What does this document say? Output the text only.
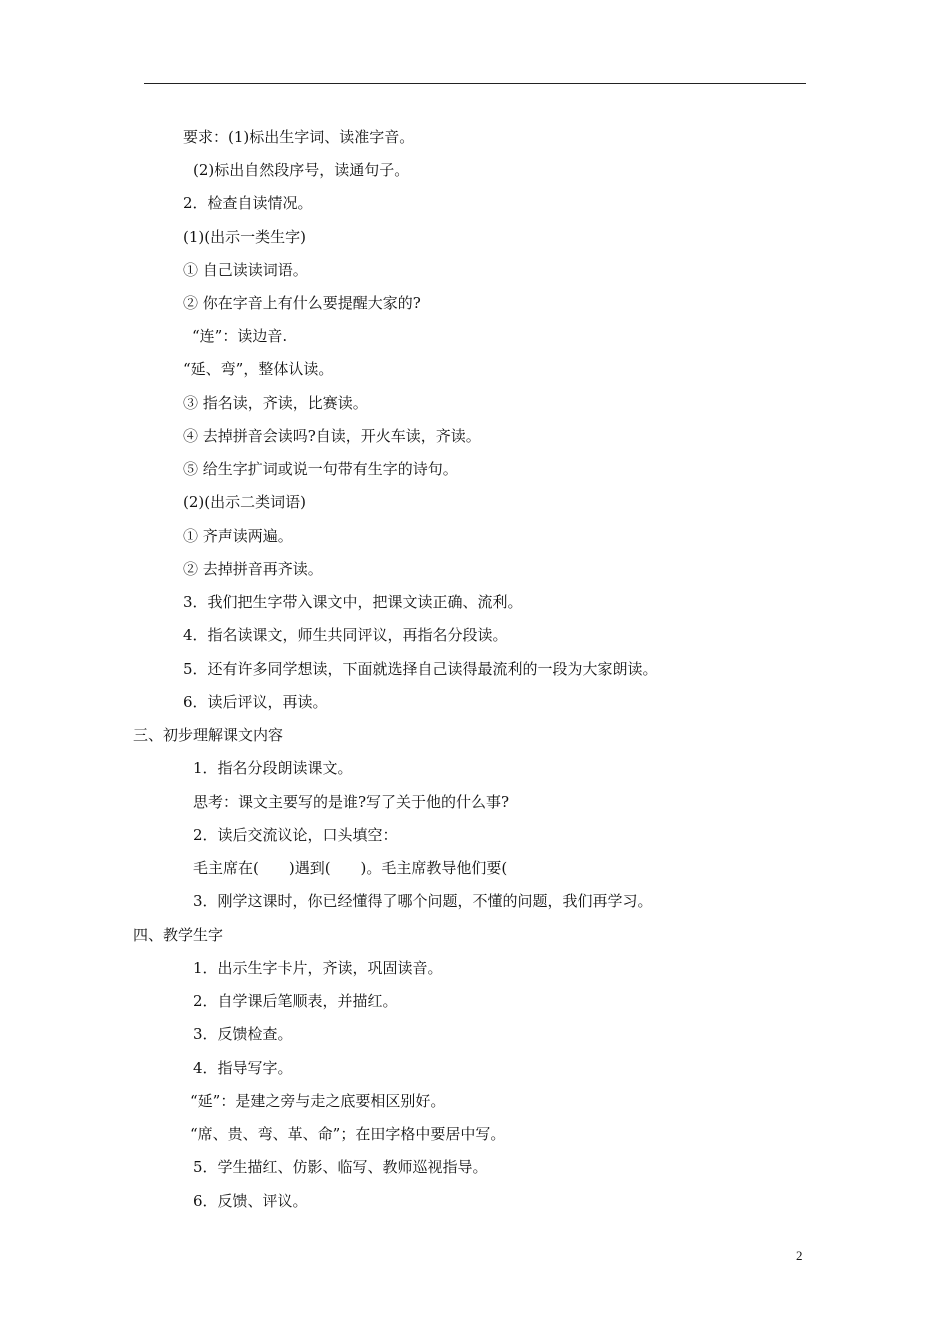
要求：(1)标出生字词、读准字音。
(2)标出自然段序号，读通句子。
2．检查自读情况。
(1)(出示一类生字)
① 自己读读词语。
② 你在字音上有什么要提醒大家的?
“连”：读边音.
“延、弯”，整体认读。
③ 指名读，齐读，比赛读。
④ 去掉拼音会读吗?自读，开火车读，齐读。
⑤ 给生字扩词或说一句带有生字的诗句。
(2)(出示二类词语)
① 齐声读两遍。
② 去掉拼音再齐读。
3．我们把生字带入课文中，把课文读正确、流利。
4．指名读课文，师生共同评议，再指名分段读。
5．还有许多同学想读，下面就选择自己读得最流利的一段为大家朗读。
6．读后评议，再读。
三、初步理解课文内容
1．指名分段朗读课文。
思考：课文主要写的是谁?写了关于他的什么事?
2．读后交流议论，口头填空：
毛主席在(　　)遇到(　　)。毛主席教导他们要(
3．刚学这课时，你已经懂得了哪个问题，不懂的问题，我们再学习。
四、教学生字
1．出示生字卡片，齐读，巩固读音。
2．自学课后笔顺表，并描红。
3．反馈检查。
4．指导写字。
“延”：是建之旁与走之底要相区别好。
“席、贵、弯、革、命”；在田字格中要居中写。
5．学生描红、仿影、临写、教师巡视指导。
6．反馈、评议。
2
